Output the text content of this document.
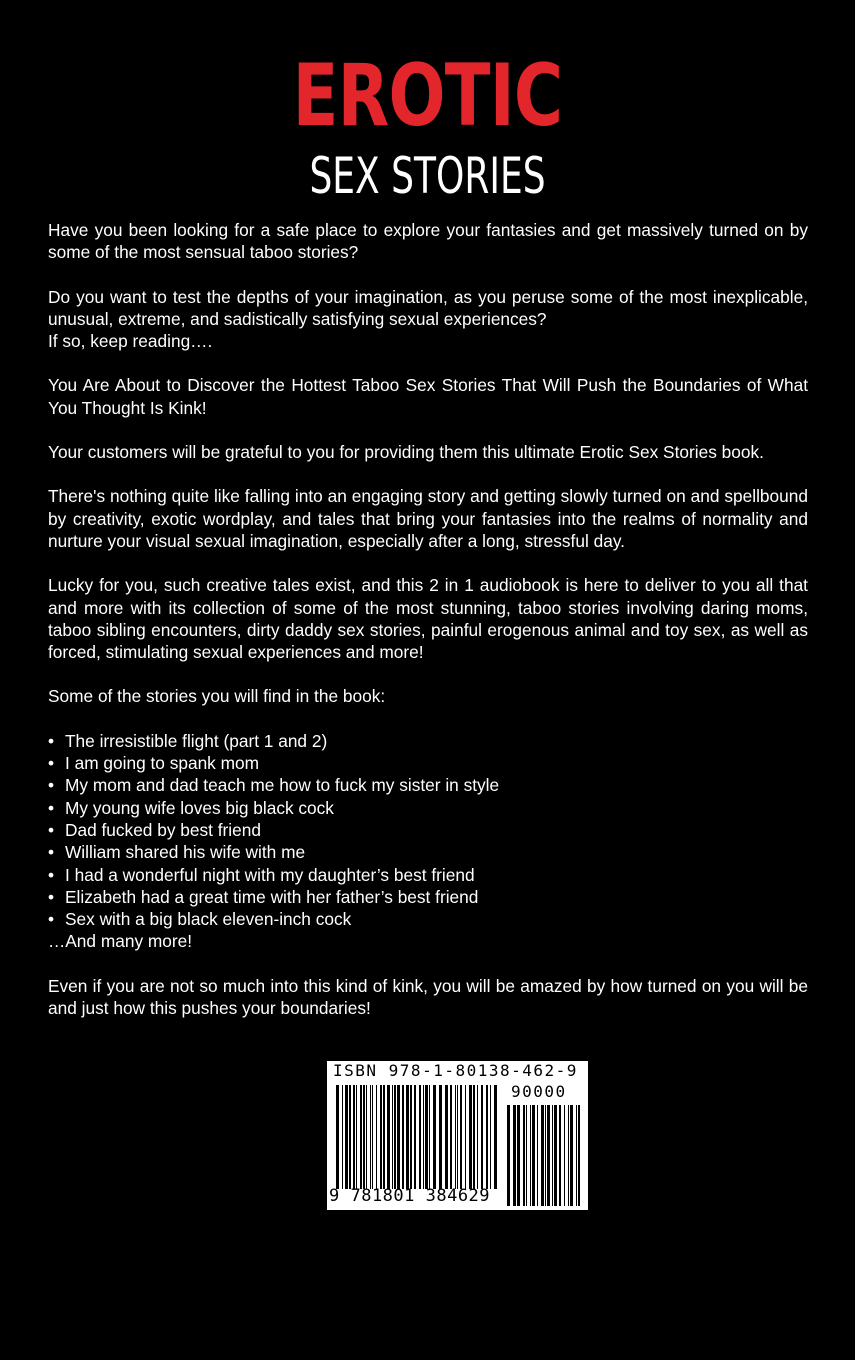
EROTIC
SEX STORIES

Have you been looking for a safe place to explore your fantasies and get massively turned on by some of the most sensual taboo stories?

Do you want to test the depths of your imagination, as you peruse some of the most inexplicable, unusual, extreme, and sadistically satisfying sexual experiences?

If so, keep reading….

You Are About to Discover the Hottest Taboo Sex Stories That Will Push the Boundaries of What You Thought Is Kink!

Your customers will be grateful to you for providing them this ultimate Erotic Sex Stories book.

There's nothing quite like falling into an engaging story and getting slowly turned on and spellbound by creativity, exotic wordplay, and tales that bring your fantasies into the realms of normality and nurture your visual sexual imagination, especially after a long, stressful day.

Lucky for you, such creative tales exist, and this 2 in 1 audiobook is here to deliver to you all that and more with its collection of some of the most stunning, taboo stories involving daring moms, taboo sibling encounters, dirty daddy sex stories, painful erogenous animal and toy sex, as well as forced, stimulating sexual experiences and more!

Some of the stories you will find in the book:

• The irresistible flight (part 1 and 2)
• I am going to spank mom
• My mom and dad teach me how to fuck my sister in style
• My young wife loves big black cock
• Dad fucked by best friend
• William shared his wife with me
• I had a wonderful night with my daughter’s best friend
• Elizabeth had a great time with her father’s best friend
• Sex with a big black eleven-inch cock

…And many more!

Even if you are not so much into this kind of kink, you will be amazed by how turned on you will be and just how this pushes your boundaries!

ISBN 978-1-80138-462-9
90000
9 781801 384629
